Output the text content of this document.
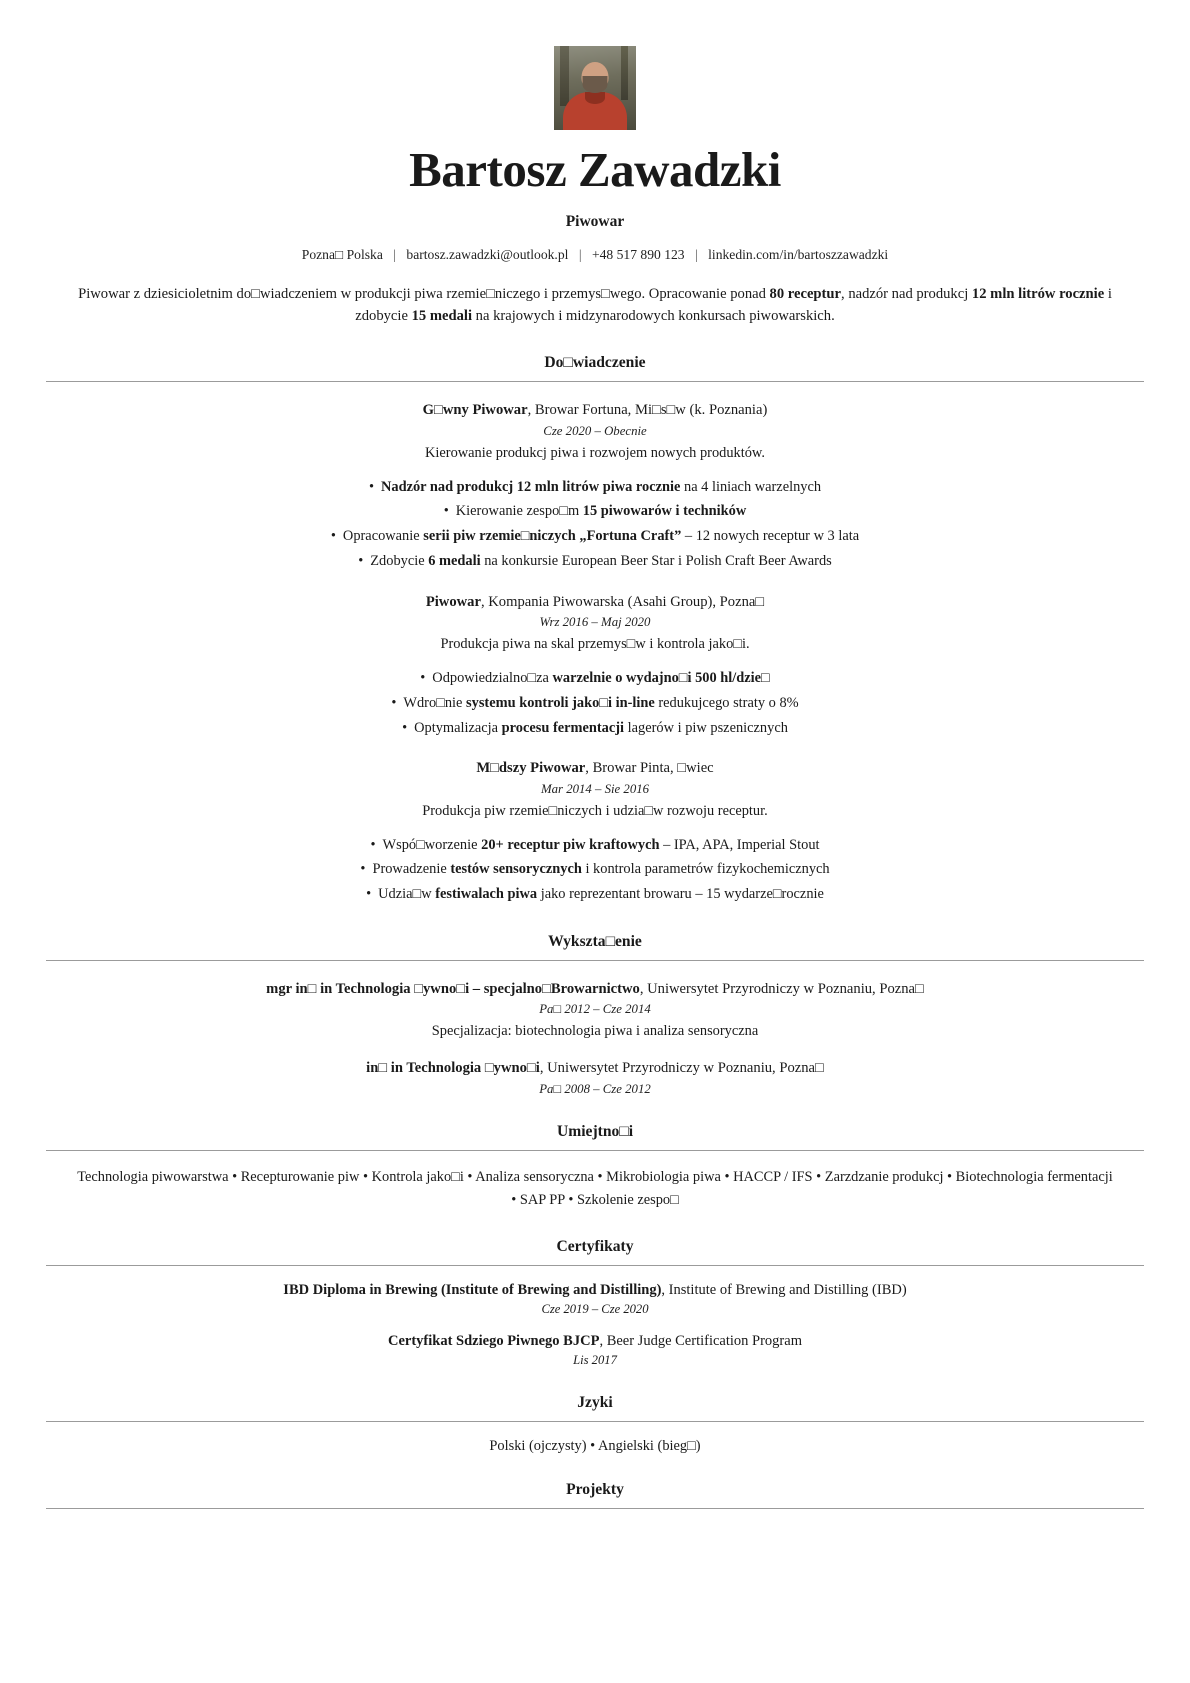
Bartosz Zawadzki
Piwowar
Pozna□ Polska | bartosz.zawadzki@outlook.pl | +48 517 890 123 | linkedin.com/in/bartoszzawadzki
Piwowar z dziesicioletnim do□wiadczeniem w produkcji piwa rzemie□niczego i przemys□wego. Opracowanie ponad 80 receptur, nadzór nad produkcj 12 mln litrów rocznie i zdobycie 15 medali na krajowych i midzynarodowych konkursach piwowarskich.
Do□wiadczenie
G□wny Piwowar, Browar Fortuna, Mi□s□w (k. Poznania)
Cze 2020 – Obecnie
Kierowanie produkcj piwa i rozwojem nowych produktów.
• Nadzór nad produkcj 12 mln litrów piwa rocznie na 4 liniach warzelnych
• Kierowanie zespo□m 15 piwowarów i techników
• Opracowanie serii piw rzemie□niczych „Fortuna Craft” – 12 nowych receptur w 3 lata
• Zdobycie 6 medali na konkursie European Beer Star i Polish Craft Beer Awards
Piwowar, Kompania Piwowarska (Asahi Group), Pozna□
Wrz 2016 – Maj 2020
Produkcja piwa na skal przemys□w i kontrola jako□i.
• Odpowiedzialno□za warzelnie o wydajno□i 500 hl/dzie□
• Wdro□nie systemu kontroli jako□i in-line redukujcego straty o 8%
• Optymalizacja procesu fermentacji lagerów i piw pszenicznych
M□dszy Piwowar, Browar Pinta, □wiec
Mar 2014 – Sie 2016
Produkcja piw rzemie□niczych i udzia□w rozwoju receptur.
• Wspó□worzenie 20+ receptur piw kraftowych – IPA, APA, Imperial Stout
• Prowadzenie testów sensorycznych i kontrola parametrów fizykochemicznych
• Udzia□w festiwalach piwa jako reprezentant browaru – 15 wydarze□rocznie
Wykszta□enie
mgr in□ in Technologia □ywno□i – specjalno□Browarnictwo, Uniwersytet Przyrodniczy w Poznaniu, Pozna□
Pa□ 2012 – Cze 2014
Specjalizacja: biotechnologia piwa i analiza sensoryczna
in□ in Technologia □ywno□i, Uniwersytet Przyrodniczy w Poznaniu, Pozna□
Pa□ 2008 – Cze 2012
Umiejtno□i
Technologia piwowarstwa • Recepturowanie piw • Kontrola jako□i • Analiza sensoryczna • Mikrobiologia piwa • HACCP / IFS • Zarzdzanie produkcj • Biotechnologia fermentacji • SAP PP • Szkolenie zespo□
Certyfikaty
IBD Diploma in Brewing (Institute of Brewing and Distilling), Institute of Brewing and Distilling (IBD)
Cze 2019 – Cze 2020
Certyfikat Sdziego Piwnego BJCP, Beer Judge Certification Program
Lis 2017
Jzyki
Polski (ojczysty) • Angielski (bieg□)
Projekty
